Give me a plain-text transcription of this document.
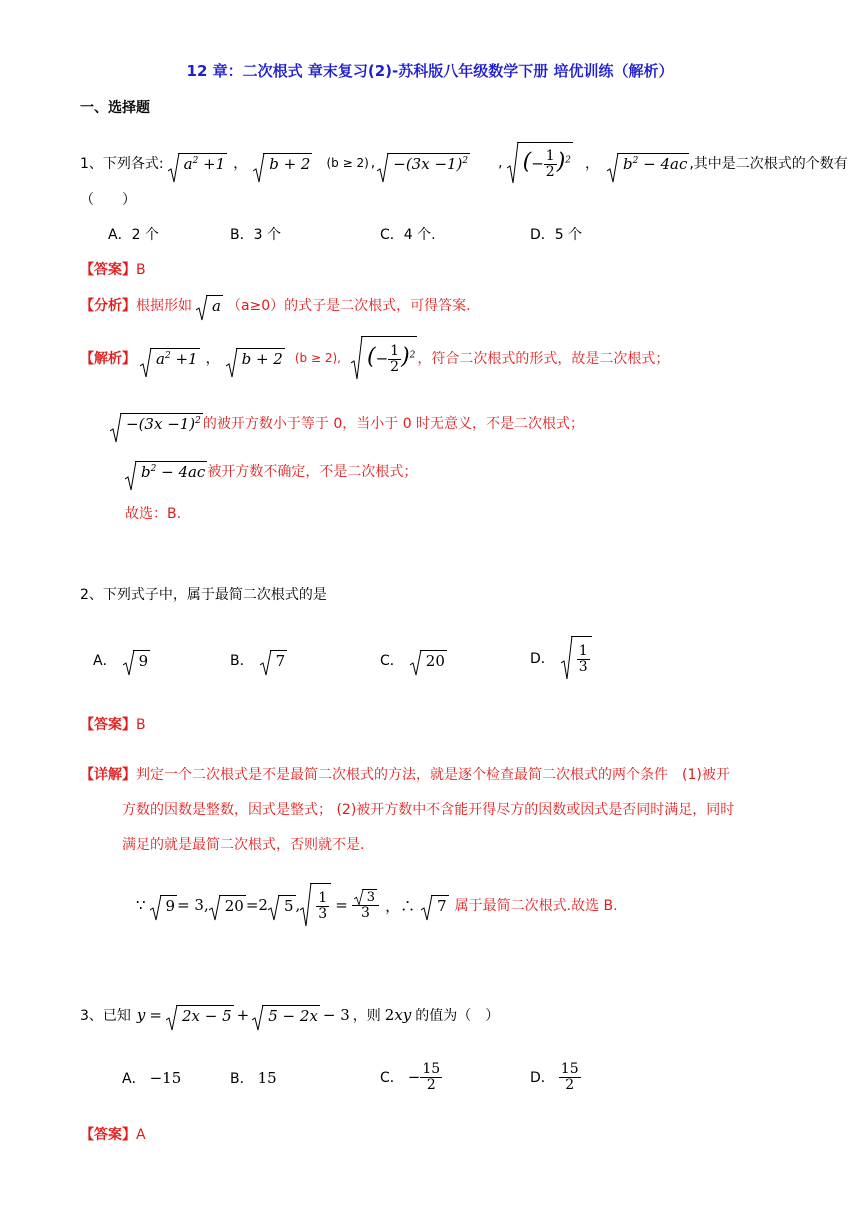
12 章：二次根式 章末复习(2)-苏科版八年级数学下册 培优训练（解析）
一、选择题
1、下列各式: $a^2 +1$ ， b + 2 (b ≥ 2) , $-(3x -1)^2$ , (− $\frac{1}{2} )^2$ ， $b^2 - 4ac$ ,其中是二次根式的个数有
（　　）
A．2 个	B．3 个	C．4 个.	D．5 个
【答案】B
【分析】 根据形如 a （a≥0）的式子是二次根式，可得答案.
【解析】 $a^2 +1$ ， b + 2 (b ≥ 2), (− $\frac{1}{2} )^2$ ，符合二次根式的形式，故是二次根式；
$-(3x -1)^2$ 的被开方数小于等于 0，当小于 0 时无意义，不是二次根式；
$b^2 - 4ac$ 被开方数不确定，不是二次根式；
故选：B.
2、下列式子中，属于最简二次根式的是
A． 9	B． 7	C． 20	D． $\frac{1}{3}$
【答案】B
【详解】判定一个二次根式是不是最简二次根式的方法，就是逐个检查最简二次根式的两个条件　(1)被开
方数的因数是整数，因式是整式； (2)被开方数中不含能开得尽方的因数或因式是否同时满足，同时
满足的就是最简二次根式，否则就不是.
∵ 9 = 3, 20 =2 5 , $\frac{1}{3} = \frac{3}{3}$ ，∴ 7 属于最简二次根式.故选 B.
3、已知 y = 2x − 5 + 5 − 2x − 3 ，则 2 xy 的值为（　）
A． −15	B． 15	C． − $\frac{15}{2}$	D． $\frac{15}{2}$
【答案】A
